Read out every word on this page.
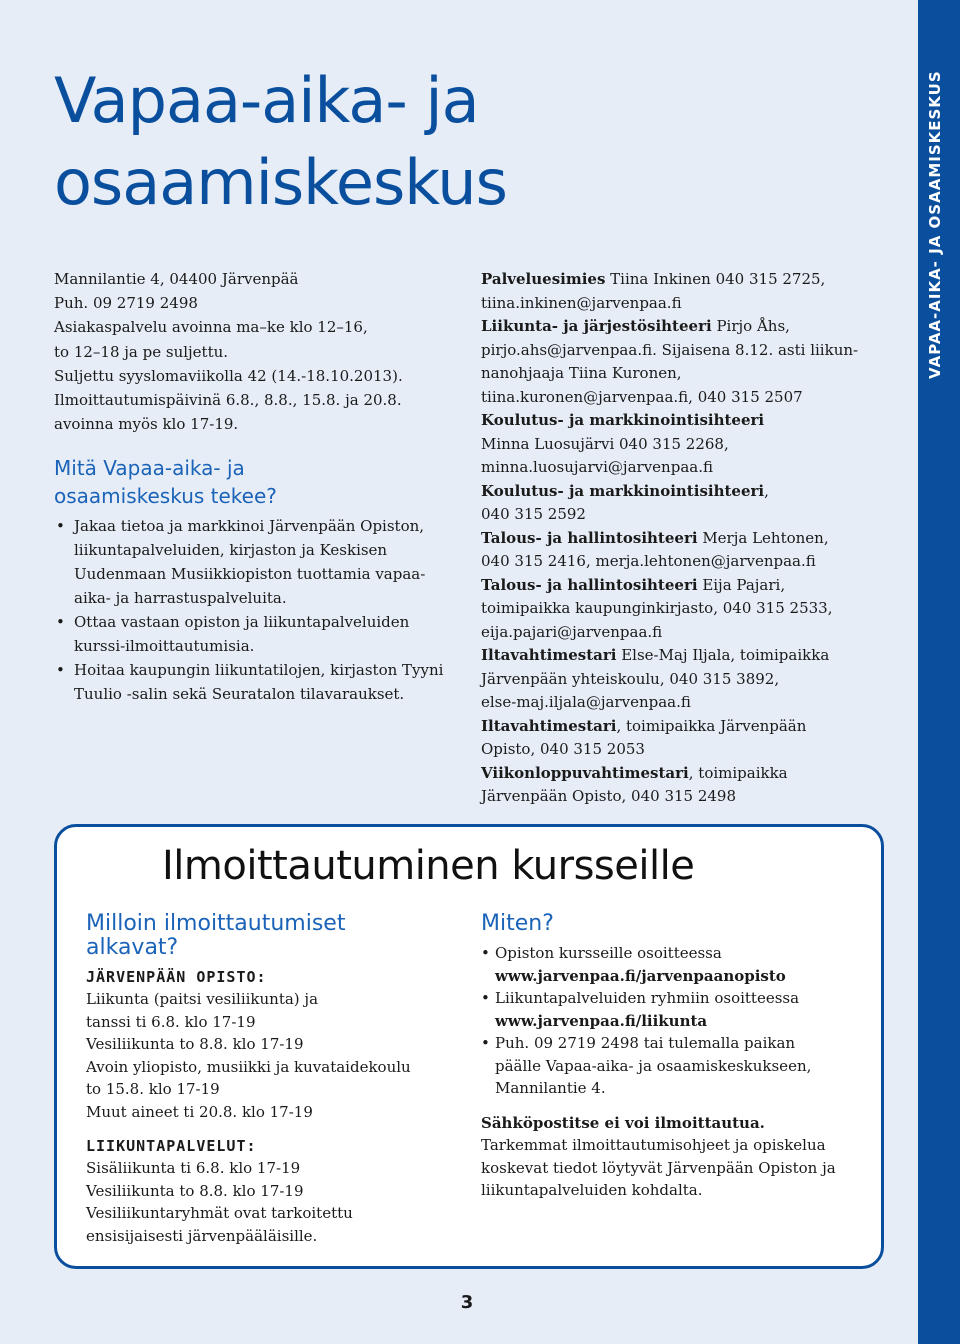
VAPAA-AIKA- JA OSAAMISKESKUS
Vapaa-aika- ja
osaamiskeskus
Mannilantie 4, 04400 Järvenpää
Puh. 09 2719 2498
Asiakaspalvelu avoinna ma–ke klo 12–16,
to 12–18 ja pe suljettu.
Suljettu syyslomaviikolla 42 (14.-18.10.2013).
Ilmoittautumispäivinä 6.8., 8.8., 15.8. ja 20.8.
avoinna myös klo 17-19.
Mitä Vapaa-aika- ja
osaamiskeskus tekee?
• Jakaa tietoa ja markkinoi Järvenpään Opiston, liikuntapalveluiden, kirjaston ja Keskisen Uudenmaan Musiikkiopiston tuottamia vapaa-aika- ja harrastuspalveluita.
• Ottaa vastaan opiston ja liikuntapalveluiden kurssi-ilmoittautumisia.
• Hoitaa kaupungin liikuntatilojen, kirjaston Tyyni Tuulio -salin sekä Seuratalon tilavaraukset.
Palveluesimies Tiina Inkinen 040 315 2725,
tiina.inkinen@jarvenpaa.fi
Liikunta- ja järjestösihteeri Pirjo Åhs,
pirjo.ahs@jarvenpaa.fi. Sijaisena 8.12. asti liikun-
nanohjaaja Tiina Kuronen,
tiina.kuronen@jarvenpaa.fi, 040 315 2507
Koulutus- ja markkinointisihteeri
Minna Luosujärvi 040 315 2268,
minna.luosujarvi@jarvenpaa.fi
Koulutus- ja markkinointisihteeri,
040 315 2592
Talous- ja hallintosihteeri Merja Lehtonen,
040 315 2416, merja.lehtonen@jarvenpaa.fi
Talous- ja hallintosihteeri Eija Pajari,
toimipaikka kaupunginkirjasto, 040 315 2533,
eija.pajari@jarvenpaa.fi
Iltavahtimestari Else-Maj Iljala, toimipaikka
Järvenpään yhteiskoulu, 040 315 3892,
else-maj.iljala@jarvenpaa.fi
Iltavahtimestari, toimipaikka Järvenpään
Opisto, 040 315 2053
Viikonloppuvahtimestari, toimipaikka
Järvenpään Opisto, 040 315 2498
Ilmoittautuminen kursseille
Milloin ilmoittautumiset
alkavat?
JÄRVENPÄÄN OPISTO:
Liikunta (paitsi vesiliikunta) ja
tanssi ti 6.8. klo 17-19
Vesiliikunta to 8.8. klo 17-19
Avoin yliopisto, musiikki ja kuvataidekoulu
to 15.8. klo 17-19
Muut aineet ti 20.8. klo 17-19
LIIKUNTAPALVELUT:
Sisäliikunta ti 6.8. klo 17-19
Vesiliikunta to 8.8. klo 17-19
Vesiliikuntaryhmät ovat tarkoitettu
ensisijaisesti järvenpääläisille.
Miten?
• Opiston kursseille osoitteessa
www.jarvenpaa.fi/jarvenpaanopisto
• Liikuntapalveluiden ryhmiin osoitteessa
www.jarvenpaa.fi/liikunta
• Puh. 09 2719 2498 tai tulemalla paikan
päälle Vapaa-aika- ja osaamiskeskukseen,
Mannilantie 4.
Sähköpostitse ei voi ilmoittautua.
Tarkemmat ilmoittautumisohjeet ja opiskelua
koskevat tiedot löytyvät Järvenpään Opiston ja
liikuntapalveluiden kohdalta.
3
